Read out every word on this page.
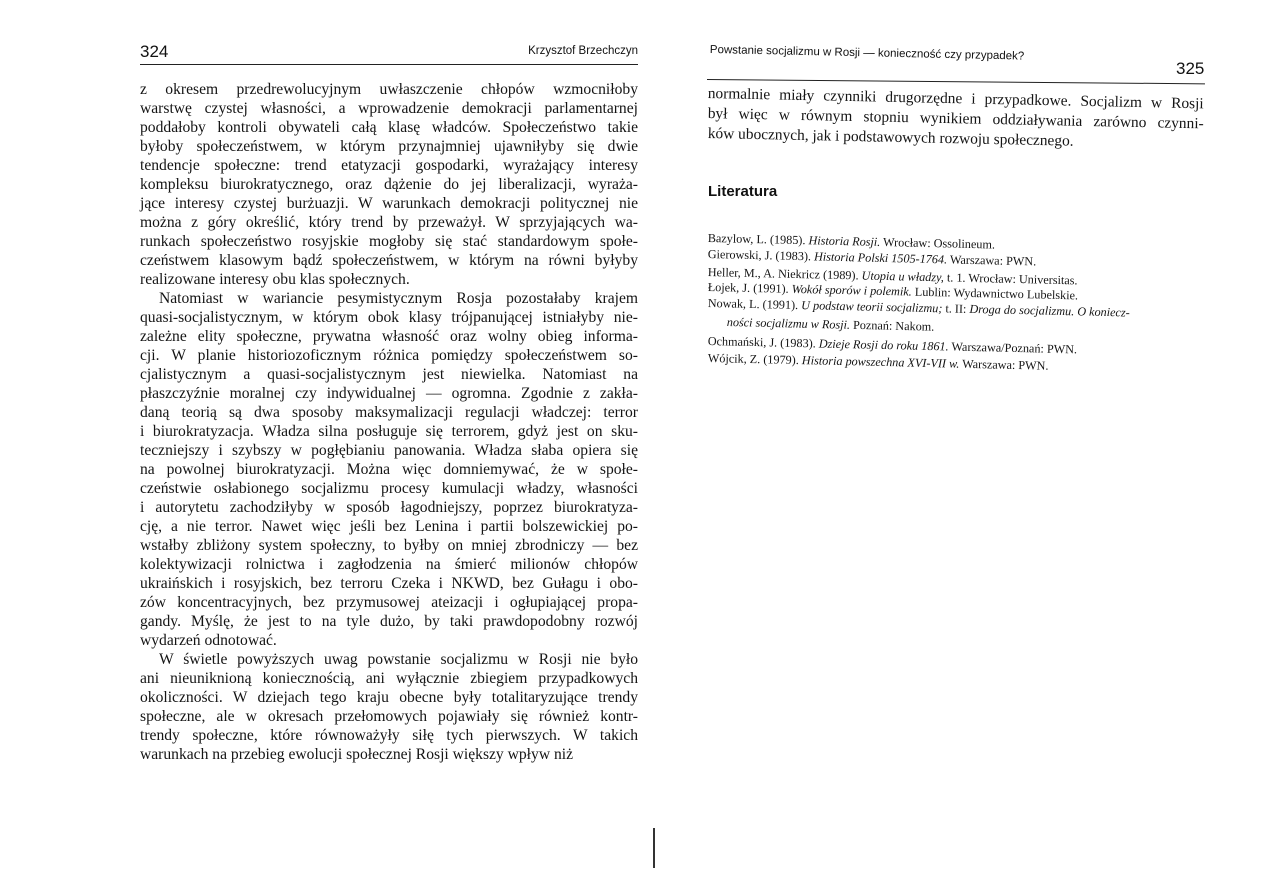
324	Krzysztof Brzechczyn
z okresem przedrewolucyjnym uwłaszczenie chłopów wzmocniłoby
warstwę czystej własności, a wprowadzenie demokracji parlamentarnej
poddałoby kontroli obywateli całą klasę władców. Społeczeństwo takie
byłoby społeczeństwem, w którym przynajmniej ujawniłyby się dwie
tendencje społeczne: trend etatyzacji gospodarki, wyrażający interesy
kompleksu biurokratycznego, oraz dążenie do jej liberalizacji, wyraża-
jące interesy czystej burżuazji. W warunkach demokracji politycznej nie
można z góry określić, który trend by przeważył. W sprzyjających wa-
runkach społeczeństwo rosyjskie mogłoby się stać standardowym społe-
czeństwem klasowym bądź społeczeństwem, w którym na równi byłyby
realizowane interesy obu klas społecznych.
Natomiast w wariancie pesymistycznym Rosja pozostałaby krajem
quasi-socjalistycznym, w którym obok klasy trójpanującej istniałyby nie-
zależne elity społeczne, prywatna własność oraz wolny obieg informa-
cji. W planie historiozoficznym różnica pomiędzy społeczeństwem so-
cjalistycznym a quasi-socjalistycznym jest niewielka. Natomiast na
płaszczyźnie moralnej czy indywidualnej — ogromna. Zgodnie z zakła-
daną teorią są dwa sposoby maksymalizacji regulacji władczej: terror
i biurokratyzacja. Władza silna posługuje się terrorem, gdyż jest on sku-
teczniejszy i szybszy w pogłębianiu panowania. Władza słaba opiera się
na powolnej biurokratyzacji. Można więc domniemywać, że w społe-
czeństwie osłabionego socjalizmu procesy kumulacji władzy, własności
i autorytetu zachodziłyby w sposób łagodniejszy, poprzez biurokratyza-
cję, a nie terror. Nawet więc jeśli bez Lenina i partii bolszewickiej po-
wstałby zbliżony system społeczny, to byłby on mniej zbrodniczy — bez
kolektywizacji rolnictwa i zagłodzenia na śmierć milionów chłopów
ukraińskich i rosyjskich, bez terroru Czeka i NKWD, bez Gułagu i obo-
zów koncentracyjnych, bez przymusowej ateizacji i ogłupiającej propa-
gandy. Myślę, że jest to na tyle dużo, by taki prawdopodobny rozwój
wydarzeń odnotować.
W świetle powyższych uwag powstanie socjalizmu w Rosji nie było
ani nieuniknioną koniecznością, ani wyłącznie zbiegiem przypadkowych
okoliczności. W dziejach tego kraju obecne były totalitaryzujące trendy
społeczne, ale w okresach przełomowych pojawiały się również kontr-
trendy społeczne, które równoważyły siłę tych pierwszych. W takich
warunkach na przebieg ewolucji społecznej Rosji większy wpływ niż
Powstanie socjalizmu w Rosji — konieczność czy przypadek?
325
normalnie miały czynniki drugorzędne i przypadkowe. Socjalizm w Rosji
był więc w równym stopniu wynikiem oddziaływania zarówno czynni-
ków ubocznych, jak i podstawowych rozwoju społecznego.
Literatura
Bazylow, L. (1985). Historia Rosji. Wrocław: Ossolineum.
Gierowski, J. (1983). Historia Polski 1505-1764. Warszawa: PWN.
Heller, M., A. Niekricz (1989). Utopia u władzy, t. 1. Wrocław: Universitas.
Łojek, J. (1991). Wokół sporów i polemik. Lublin: Wydawnictwo Lubelskie.
Nowak, L. (1991). U podstaw teorii socjalizmu; t. II: Droga do socjalizmu. O koniecz-
ności socjalizmu w Rosji. Poznań: Nakom.
Ochmański, J. (1983). Dzieje Rosji do roku 1861. Warszawa/Poznań: PWN.
Wójcik, Z. (1979). Historia powszechna XVI-VII w. Warszawa: PWN.
